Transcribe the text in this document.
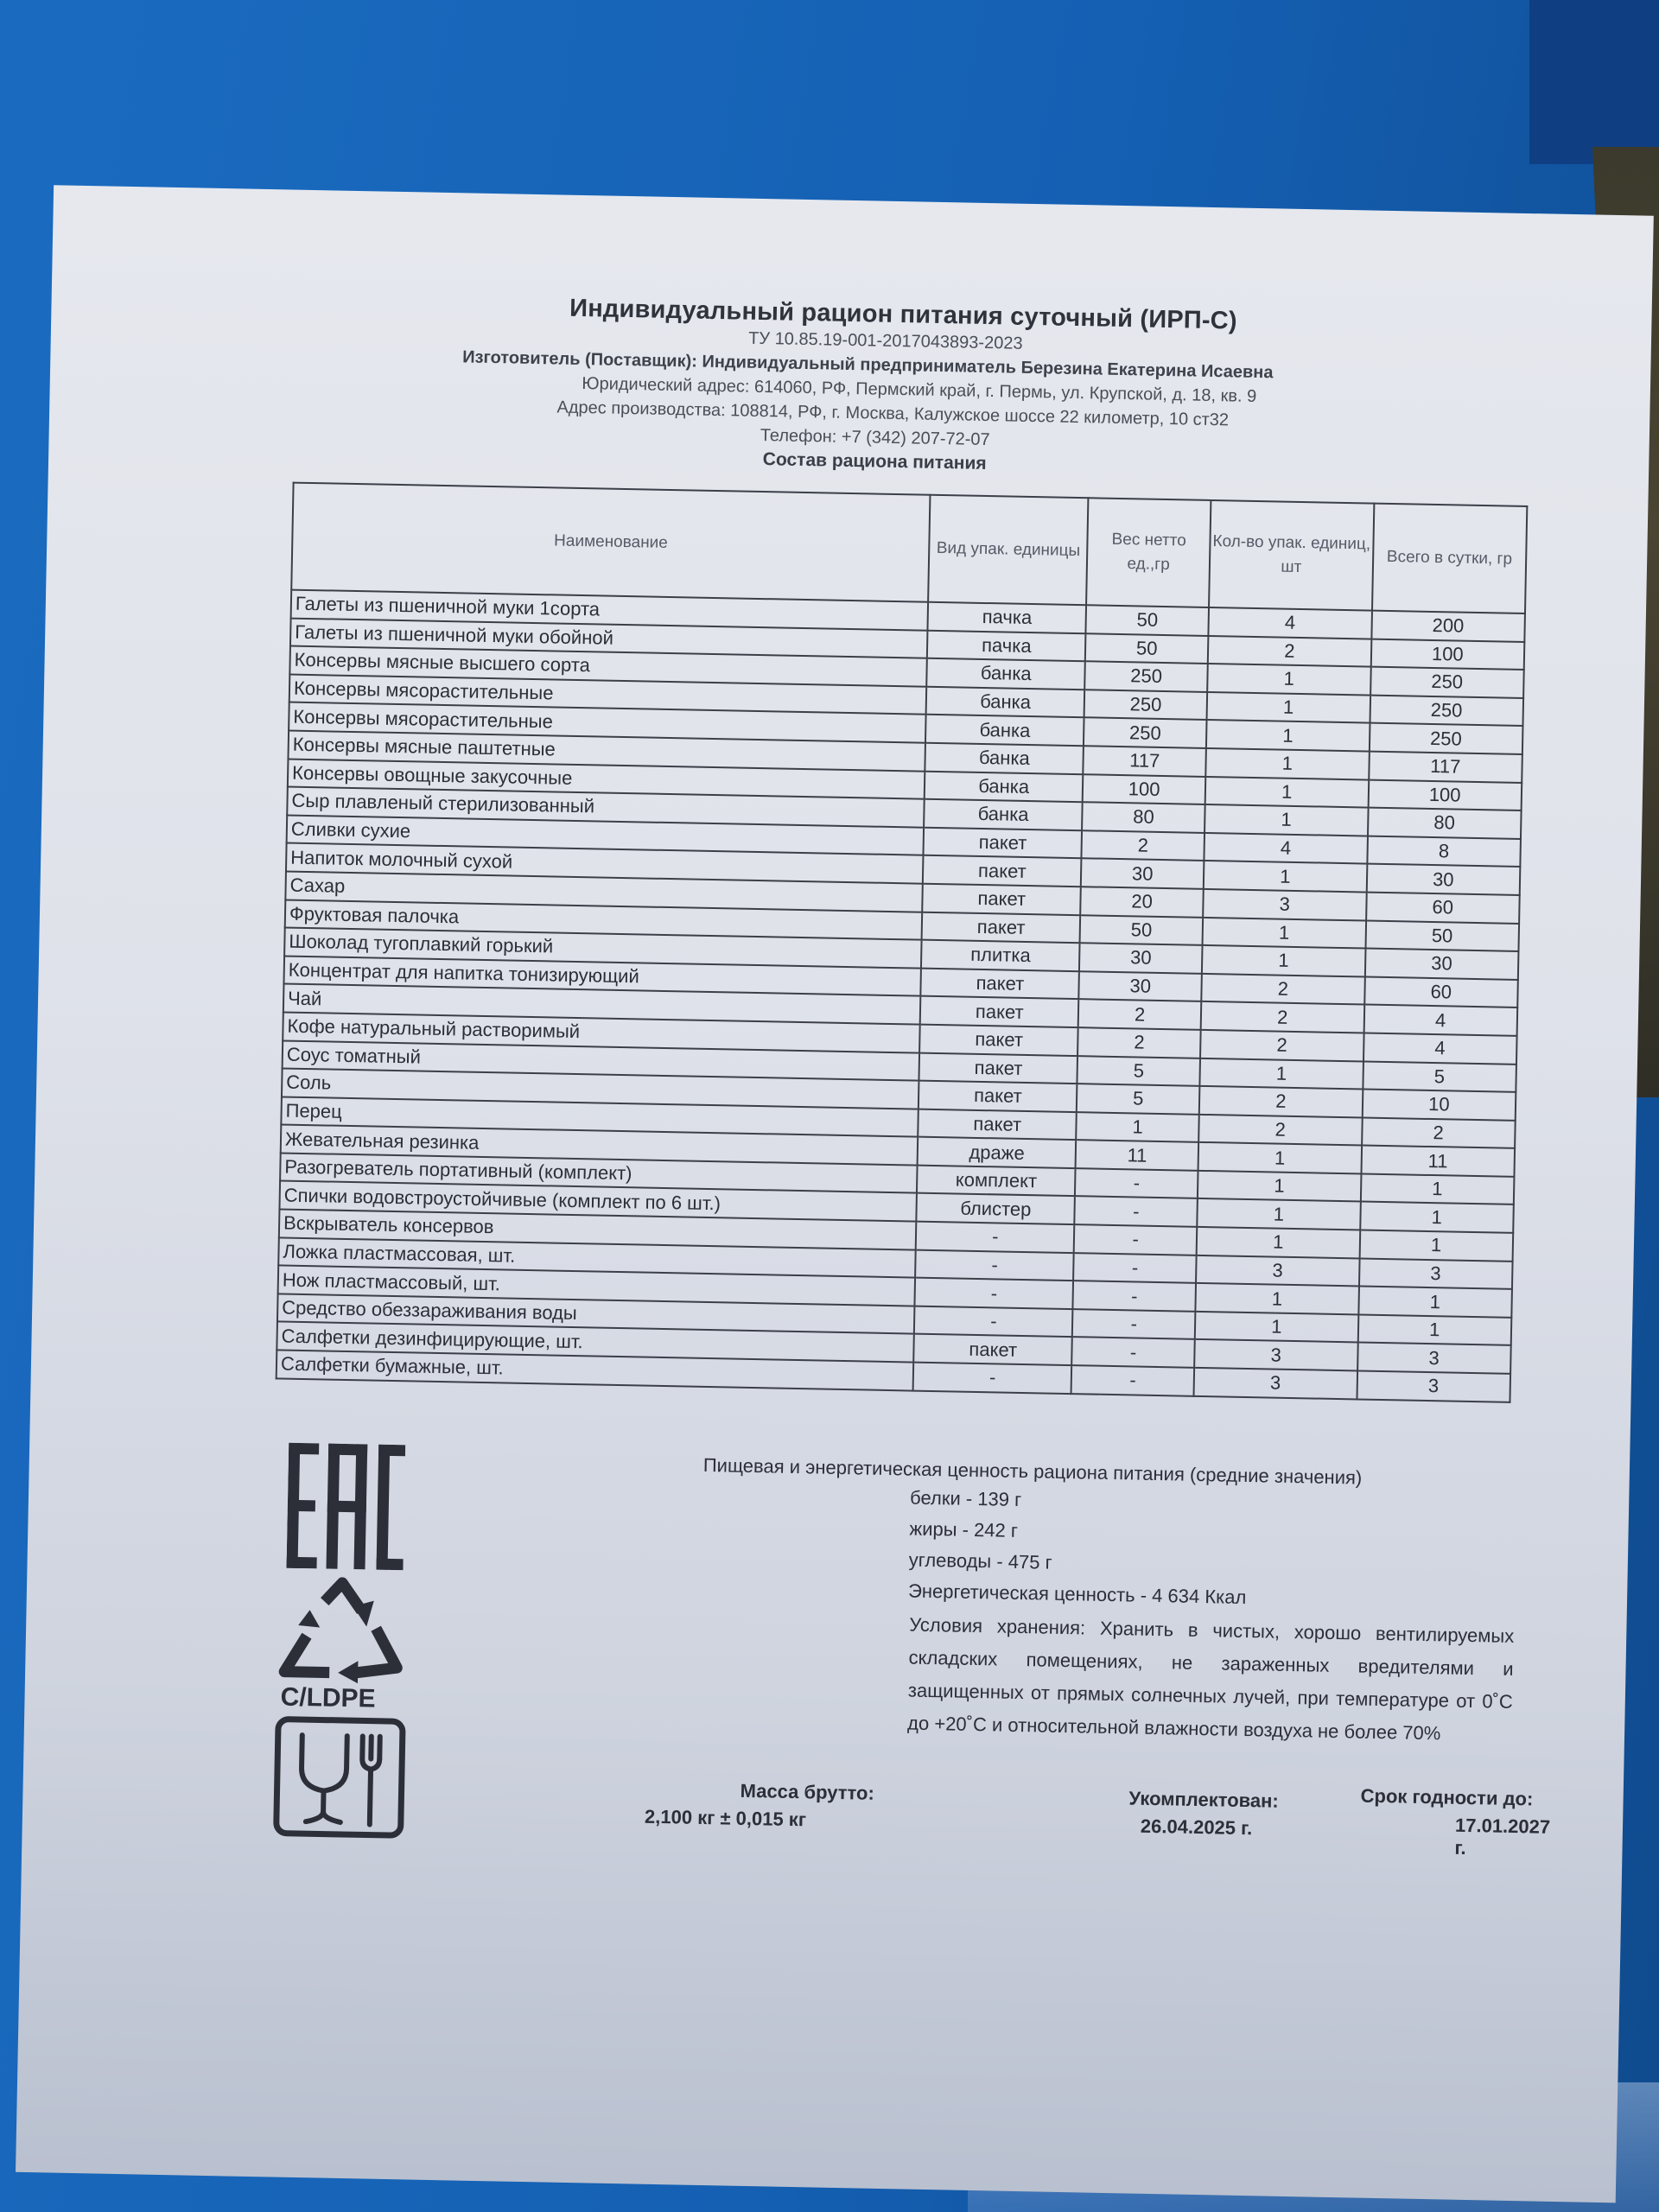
Индивидуальный рацион питания суточный (ИРП-С)
ТУ 10.85.19-001-2017043893-2023
Изготовитель (Поставщик): Индивидуальный предприниматель Березина Екатерина Исаевна
Юридический адрес: 614060, РФ, Пермский край, г. Пермь, ул. Крупской, д. 18, кв. 9
Адрес производства: 108814, РФ, г. Москва, Калужское шоссе 22 километр, 10 ст32
Телефон: +7 (342) 207-72-07
Состав рациона питания
Наименование	Вид упак. единицы	Вес нетто ед.,гр	Кол-во упак. единиц, шт	Всего в сутки, гр
Галеты из пшеничной муки 1сорта	пачка	50	4	200
Галеты из пшеничной муки обойной	пачка	50	2	100
Консервы мясные высшего сорта	банка	250	1	250
Консервы мясорастительные	банка	250	1	250
Консервы мясорастительные	банка	250	1	250
Консервы мясные паштетные	банка	117	1	117
Консервы овощные закусочные	банка	100	1	100
Сыр плавленый стерилизованный	банка	80	1	80
Сливки сухие	пакет	2	4	8
Напиток молочный сухой	пакет	30	1	30
Сахар	пакет	20	3	60
Фруктовая палочка	пакет	50	1	50
Шоколад тугоплавкий горький	плитка	30	1	30
Концентрат для напитка тонизирующий	пакет	30	2	60
Чай	пакет	2	2	4
Кофе натуральный растворимый	пакет	2	2	4
Соус томатный	пакет	5	1	5
Соль	пакет	5	2	10
Перец	пакет	1	2	2
Жевательная резинка	драже	11	1	11
Разогреватель портативный (комплект)	комплект	-	1	1
Спички водовстроустойчивые (комплект по 6 шт.)	блистер	-	1	1
Вскрыватель консервов	-	-	1	1
Ложка пластмассовая, шт.	-	-	3	3
Нож пластмассовый, шт.	-	-	1	1
Средство обеззараживания воды	-	-	1	1
Салфетки дезинфицирующие, шт.	пакет	-	3	3
Салфетки бумажные, шт.	-	-	3	3
C/LDPE
Пищевая и энергетическая ценность рациона питания (средние значения)
белки - 139 г
жиры - 242 г
углеводы - 475 г
Энергетическая ценность - 4 634 Ккал
Условия хранения: Хранить в чистых, хорошо вентилируемых складских помещениях, не зараженных вредителями и защищенных от прямых солнечных лучей, при температуре от 0˚С до +20˚С и относительной влажности воздуха не более 70%
Масса брутто:
2,100 кг ± 0,015 кг
Укомплектован:
26.04.2025 г.
Срок годности до:
17.01.2027 г.
